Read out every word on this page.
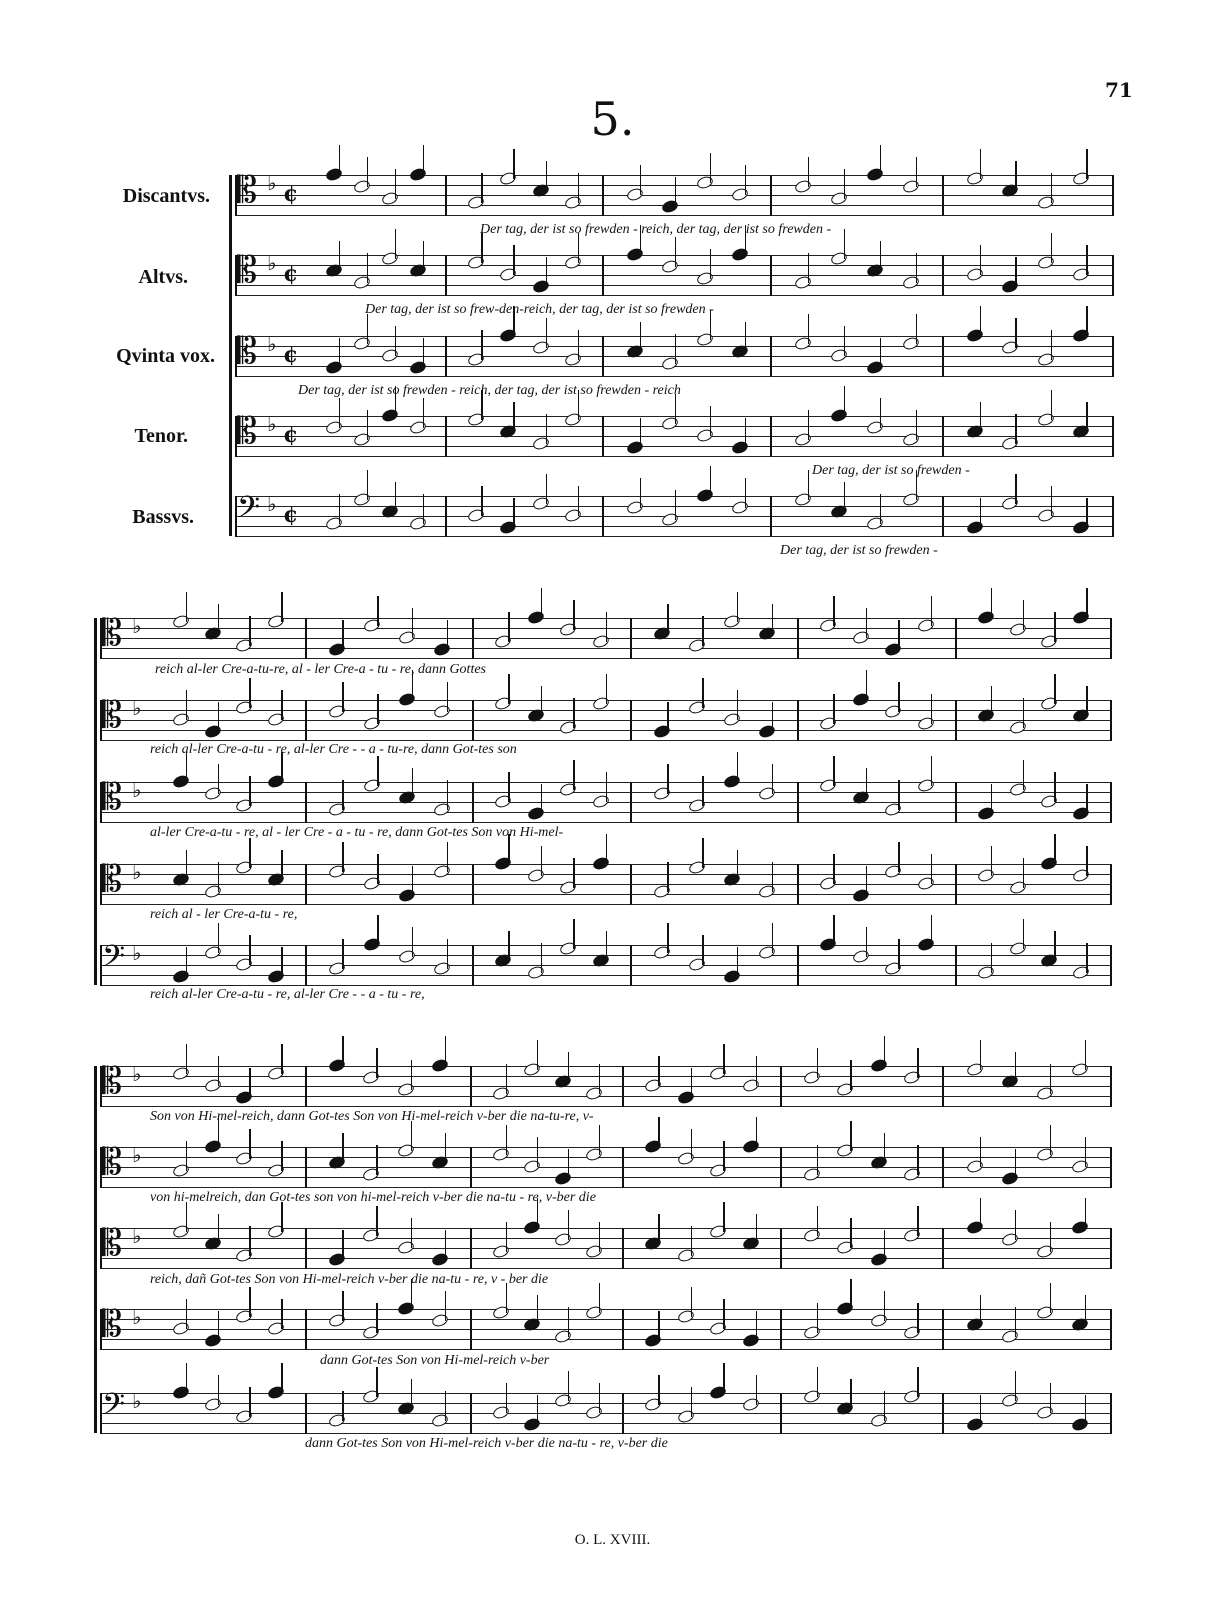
71
5.
Discantvs.
Altvs.
Qvinta vox.
Tenor.
Bassvs.
𝄡 ♭ ¢
𝄡 ♭ ¢
𝄡 ♭ ¢
𝄡 ♭ ¢
𝄢 ♭ ¢
𝄡 ♭
𝄡 ♭
𝄡 ♭
𝄡 ♭
𝄢 ♭
𝄡 ♭
𝄡 ♭
𝄡 ♭
𝄡 ♭
𝄢 ♭
Der tag, der ist so frewden - reich, der tag, der ist so frewden -
Der tag, der ist so frew-den-reich, der tag, der ist so frewden -
Der tag, der ist so frewden - reich, der tag, der ist so frewden - reich
Der tag, der ist so frewden -
Der tag, der ist so frewden -
reich al-ler Cre-a-tu-re, al - ler Cre-a - tu - re, dann Gottes
reich al-ler Cre-a-tu - re, al-ler Cre - - a - tu-re, dann Got-tes son
al-ler Cre-a-tu - re, al - ler Cre - a - tu - re, dann Got-tes Son von Hi-mel-
reich al - ler Cre-a-tu - re,
reich al-ler Cre-a-tu - re, al-ler Cre - - a - tu - re,
Son von Hi-mel-reich, dann Got-tes Son von Hi-mel-reich v-ber die na-tu-re, v-
von hi-melreich, dan Got-tes son von hi-mel-reich v-ber die na-tu - re, v-ber die
reich, dañ Got-tes Son von Hi-mel-reich v-ber die na-tu - re, v - ber die
dann Got-tes Son von Hi-mel-reich v-ber
dann Got-tes Son von Hi-mel-reich v-ber die na-tu - re, v-ber die
O. L. XVIII.
